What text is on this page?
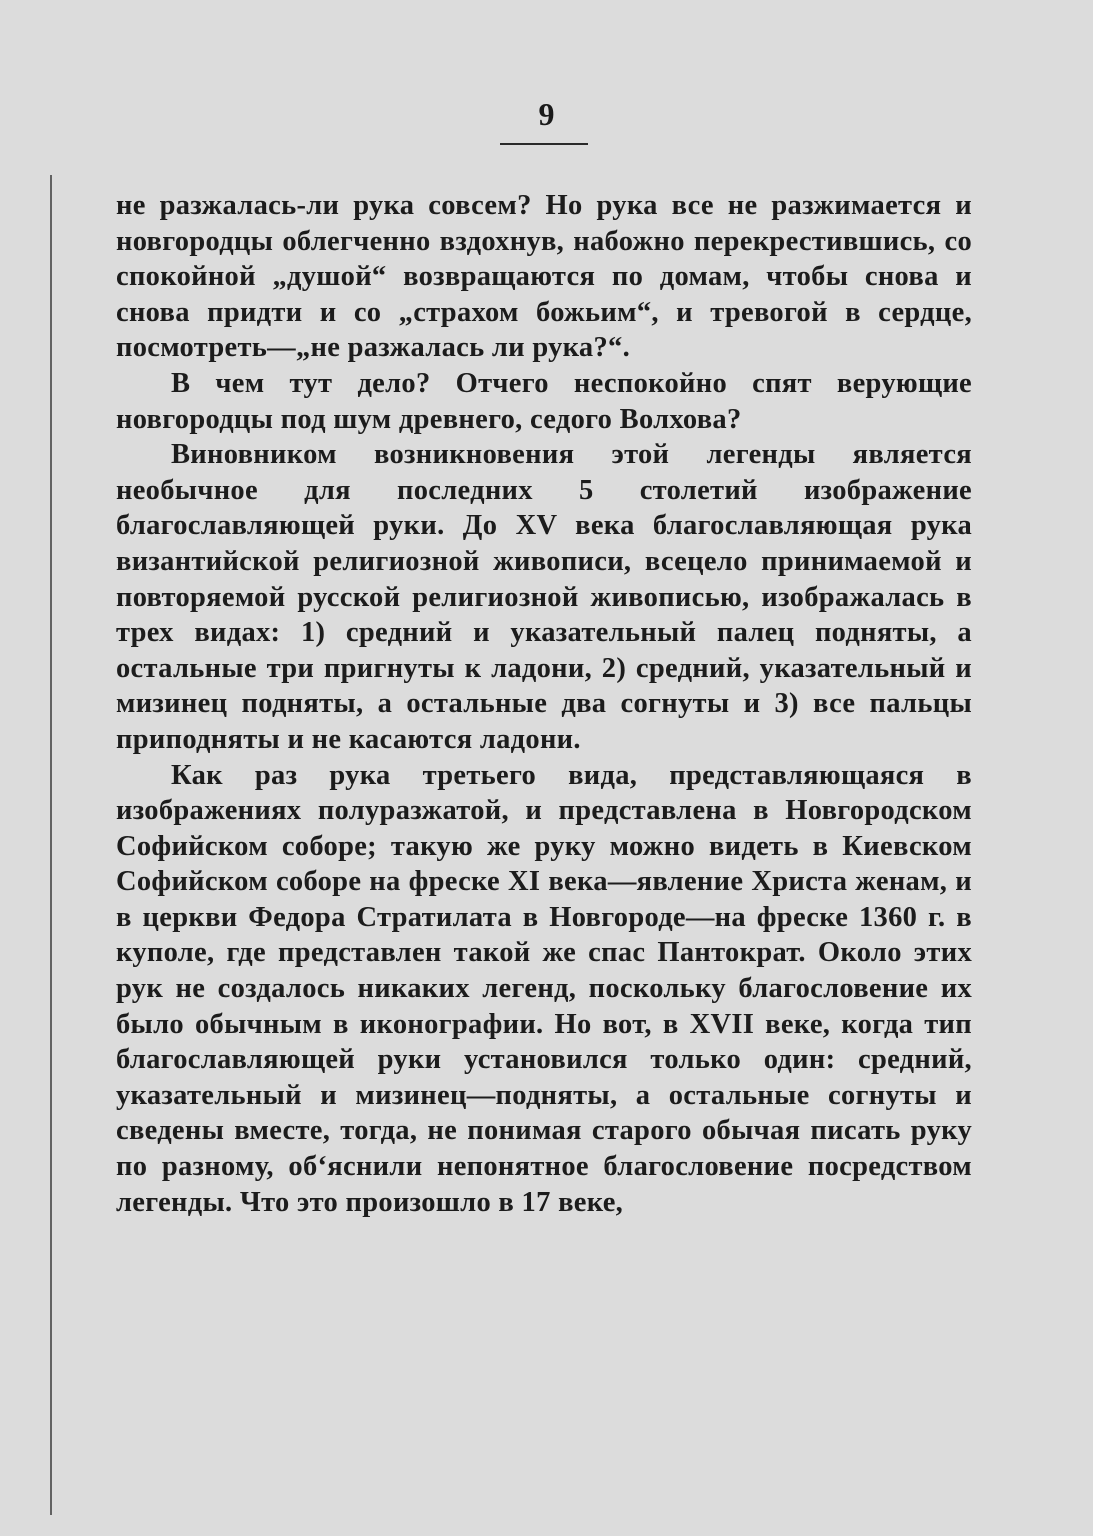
9

не разжалась-ли рука совсем? Но рука все не разжимается и новгородцы облегченно вздохнув, набожно перекрестившись, со спокойной „душой“ возвращаются по домам, чтобы снова и снова придти и со „страхом божьим“, и тревогой в сердце, посмотреть—„не разжалась ли рука?“.

В чем тут дело? Отчего неспокойно спят верующие новгородцы под шум древнего, седого Волхова?

Виновником возникновения этой легенды является необычное для последних 5 столетий изображение благославляющей руки. До XV века благославляющая рука византийской религиозной живописи, всецело принимаемой и повторяемой русской религиозной живописью, изображалась в трех видах: 1) средний и указательный палец подняты, а остальные три пригнуты к ладони, 2) средний, указательный и мизинец подняты, а остальные два согнуты и 3) все пальцы приподняты и не касаются ладони.

Как раз рука третьего вида, представляющаяся в изображениях полуразжатой, и представлена в Новгородском Софийском соборе; такую же руку можно видеть в Киевском Софийском соборе на фреске XI века—явление Христа женам, и в церкви Федора Стратилата в Новгороде—на фреске 1360 г. в куполе, где представлен такой же спас Пантократ. Около этих рук не создалось никаких легенд, поскольку благословение их было обычным в иконографии. Но вот, в XVII веке, когда тип благославляющей руки установился только один: средний, указательный и мизинец—подняты, а остальные согнуты и сведены вместе, тогда, не понимая старого обычая писать руку по разному, об‘яснили непонятное благословение посредством легенды. Что это произошло в 17 веке,
